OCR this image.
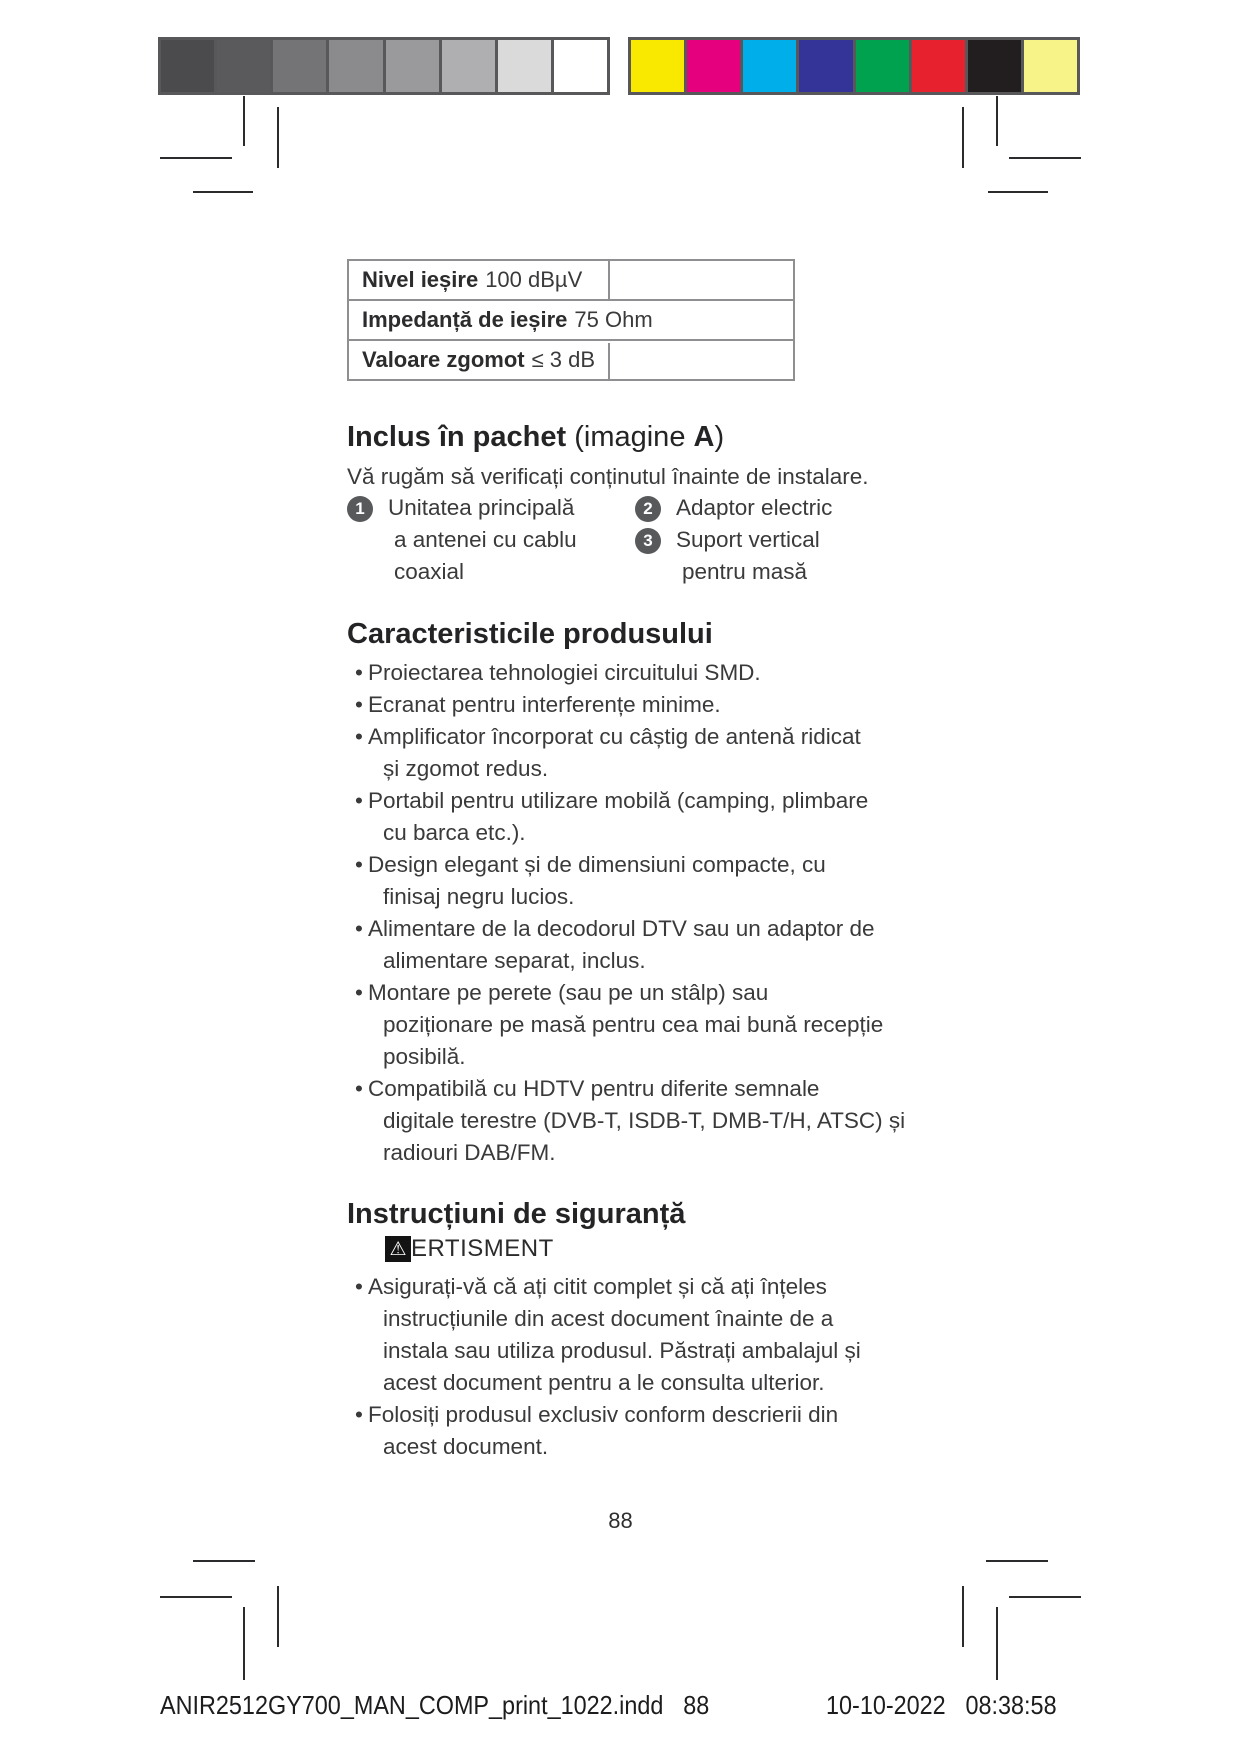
Nivel ieșire 100 dBµV
Impedanță de ieșire 75 Ohm
Valoare zgomot ≤ 3 dB
Inclus în pachet (imagine A)
Vă rugăm să verificați conținutul înainte de instalare.
1	Unitatea principală
a antenei cu cablu
coaxial
2	Adaptor electric
3	Suport vertical
pentru masă
Caracteristicile produsului
• Proiectarea tehnologiei circuitului SMD.
• Ecranat pentru interferențe minime.
• Amplificator încorporat cu câștig de antenă ridicat
și zgomot redus.
• Portabil pentru utilizare mobilă (camping, plimbare
cu barca etc.).
• Design elegant și de dimensiuni compacte, cu
finisaj negru lucios.
• Alimentare de la decodorul DTV sau un adaptor de
alimentare separat, inclus.
• Montare pe perete (sau pe un stâlp) sau
poziționare pe masă pentru cea mai bună recepție
posibilă.
• Compatibilă cu HDTV pentru diferite semnale
digitale terestre (DVB-T, ISDB-T, DMB-T/H, ATSC) și
radiouri DAB/FM.
Instrucțiuni de siguranță
⚠ ERTISMENT
• Asigurați-vă că ați citit complet și că ați înțeles
instrucțiunile din acest document înainte de a
instala sau utiliza produsul. Păstrați ambalajul și
acest document pentru a le consulta ulterior.
• Folosiți produsul exclusiv conform descrierii din
acest document.
88
ANIR2512GY700_MAN_COMP_print_1022.indd 88	10-10-2022 08:38:58
